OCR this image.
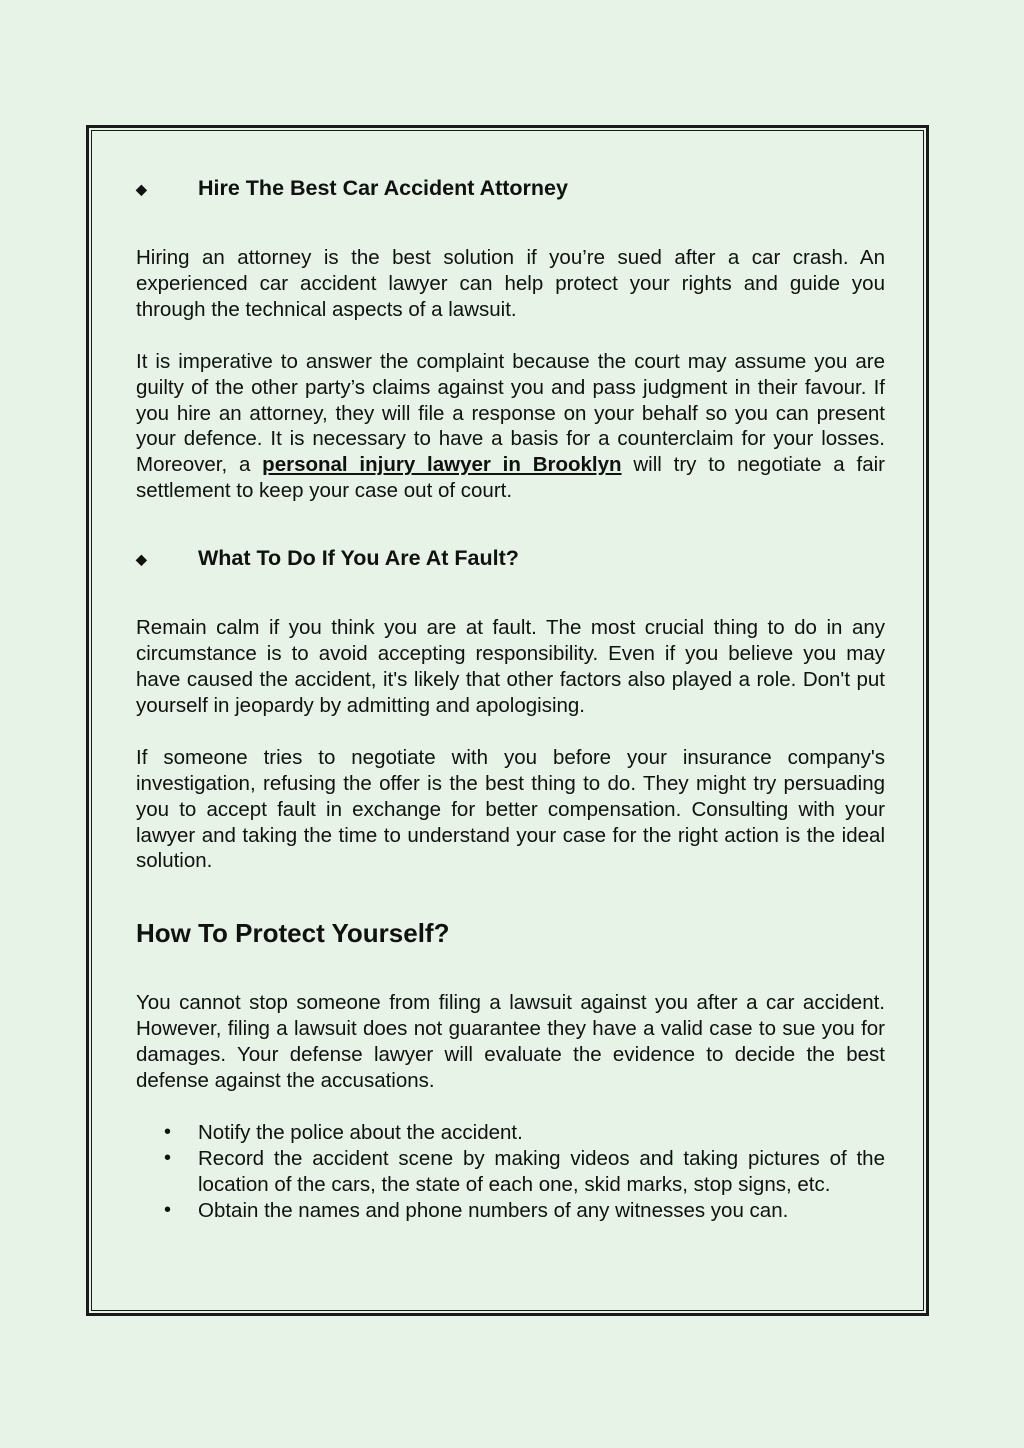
◆ Hire The Best Car Accident Attorney

Hiring an attorney is the best solution if you’re sued after a car crash. An experienced car accident lawyer can help protect your rights and guide you through the technical aspects of a lawsuit.

It is imperative to answer the complaint because the court may assume you are guilty of the other party’s claims against you and pass judgment in their favour. If you hire an attorney, they will file a response on your behalf so you can present your defence. It is necessary to have a basis for a counterclaim for your losses. Moreover, a personal injury lawyer in Brooklyn will try to negotiate a fair settlement to keep your case out of court.

◆ What To Do If You Are At Fault?

Remain calm if you think you are at fault. The most crucial thing to do in any circumstance is to avoid accepting responsibility. Even if you believe you may have caused the accident, it's likely that other factors also played a role. Don't put yourself in jeopardy by admitting and apologising.

If someone tries to negotiate with you before your insurance company's investigation, refusing the offer is the best thing to do. They might try persuading you to accept fault in exchange for better compensation. Consulting with your lawyer and taking the time to understand your case for the right action is the ideal solution.

How To Protect Yourself?

You cannot stop someone from filing a lawsuit against you after a car accident. However, filing a lawsuit does not guarantee they have a valid case to sue you for damages. Your defense lawyer will evaluate the evidence to decide the best defense against the accusations.

• Notify the police about the accident.
• Record the accident scene by making videos and taking pictures of the location of the cars, the state of each one, skid marks, stop signs, etc.
• Obtain the names and phone numbers of any witnesses you can.
